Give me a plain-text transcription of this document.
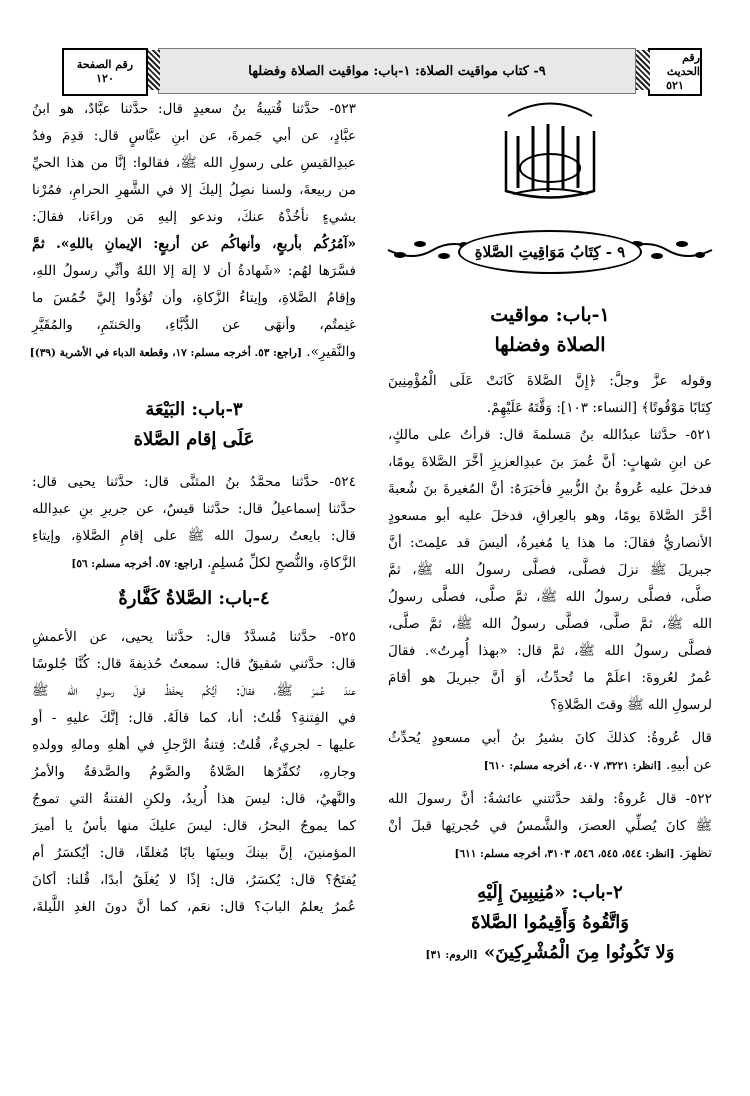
رقم الحديث
٥٢١
٩- كتاب مواقيت الصلاة: ١-باب: مواقيت الصلاة وفضلها
رقم الصفحة
١٢٠
٩ - كِتَابُ مَوَاقِيتِ الصَّلاةِ
١-باب: مواقيت
الصلاة وفضلها

وقوله عزَّ وجلَّ: ﴿إِنَّ الصَّلاةَ كَانَتْ عَلَى الْمُؤْمِنِينَ
كِتَابًا مَوْقُوتًا﴾ [النساء: ١٠٣]: وَقَّتَهُ عَلَيْهِمْ.

٥٢١- حدَّثنا عبدُالله بنُ مَسلمةَ قال: قرأتُ على مالكٍ،
عن ابنِ شهابٍ: أنَّ عُمرَ بنَ عبدِالعزيزِ أخَّرَ الصَّلاةَ يومًا،
فدخلَ عليه عُروةُ بنُ الزُّبيرِ فأخبَرَهُ: أنَّ المُغيرةَ بنَ شُعبةَ
أخَّرَ الصَّلاةَ يومًا، وهو بالعِراقِ، فدخلَ عليه أبو مسعودٍ
الأنصاريُّ فقالَ: ما هذا يا مُغيرةُ، أليسَ قد علِمتَ: أنَّ
جبريلَ ﷺ نزلَ فصلَّى، فصلَّى رسولُ الله ﷺ، ثمَّ
صلَّى، فصلَّى رسولُ الله ﷺ، ثمَّ صلَّى، فصلَّى رسولُ
الله ﷺ، ثمَّ صلَّى، فصلَّى رسولُ الله ﷺ، ثمَّ صلَّى،
فصلَّى رسولُ الله ﷺ، ثمَّ قال: «بهذا أُمِرتُ». فقالَ
عُمرُ لعُروةَ: اعلَمْ ما تُحدِّثُ، أوَ أنَّ جبريلَ هو أقامَ
لرسولِ الله ﷺ وقتَ الصَّلاةِ؟

قال عُروةُ: كذلكَ كانَ بشيرُ بنُ أبي مسعودٍ يُحدِّثُ
عن أبيهِ. [انظر: ٣٢٢١، ٤٠٠٧، أخرجه مسلم: ٦١٠]

٥٢٢- قال عُروةُ: ولقد حدَّثتني عائشةُ: أنَّ رسولَ الله
ﷺ كانَ يُصلِّي العصرَ، والشَّمسُ في حُجرتِها قبلَ أنْ
تظهرَ. [انظر: ٥٤٤، ٥٤٥، ٥٤٦، ٣١٠٣، أخرجه مسلم: ٦١١]

٢-باب: «مُنِيبِينَ إِلَيْهِ
وَاتَّقُوهُ وَأَقِيمُوا الصَّلاةَ
وَلا تَكُونُوا مِنَ الْمُشْرِكِينَ» [الروم: ٣١]

٥٢٣- حدَّثنا قُتيبةُ بنُ سعيدٍ قال: حدَّثنا عبَّادٌ، هو ابنُ
عبَّادٍ، عن أبي جَمرةَ، عن ابنِ عبَّاسٍ قال: قدِمَ وفدُ
عبدِالقيسِ على رسولِ الله ﷺ، فقالوا: إنَّا من هذا الحيِّ
من ربيعةَ، ولسنا نصِلُ إليكَ إلا في الشَّهرِ الحرامِ، فمُرْنا
بشيءٍ نأخُذْهُ عنكَ، وندعو إليهِ مَن وراءَنا، فقالَ:
«آمُرُكُم بأربعٍ، وأنهاكُم عن أربعٍ: الإيمانِ باللهِ». ثمَّ
فسَّرَها لهُم: «شَهادةُ أن لا إلهَ إلا اللهُ وأنِّي رسولُ اللهِ،
وإقامُ الصَّلاةِ، وإيتاءُ الزَّكاةِ، وأن تُؤدُّوا إليَّ خُمُسَ ما
غنِمتُم، وأنهَى عن الدُّبَّاءِ، والحَنتَمِ، والمُقَيَّرِ
والنَّقيرِ». [راجع: ٥٣. أخرجه مسلم: ١٧، وقطعة الدباء في الأشربة (٣٩)]

٣-باب: البَيْعَة
عَلَى إقام الصَّلاة

٥٢٤- حدَّثنا محمَّدُ بنُ المثنَّى قال: حدَّثنا يحيى قال:
حدَّثنا إسماعيلُ قال: حدَّثنا قيسٌ، عن جريرِ بنِ عبدِالله
قال: بايعتُ رسولَ الله ﷺ على إقامِ الصَّلاةِ، وإيتاءِ
الزَّكاةِ، والنُّصحِ لكلِّ مُسلِمٍ. [راجع: ٥٧. أخرجه مسلم: ٥٦]

٤-باب: الصَّلاةُ كَفَّارةٌ

٥٢٥- حدَّثنا مُسدَّدٌ قال: حدَّثنا يحيى، عن الأعمشِ
قال: حدَّثني شقيقٌ قال: سمعتُ حُذيفةَ قال: كُنَّا جُلوسًا
عندَ عُمرَ ﷺ، فقالَ: أيُّكُم يحفَظُ قولَ رسولِ الله ﷺ
في الفِتنةِ؟ قُلتُ: أنا، كما قالَهُ. قال: إنَّكَ عليهِ - أو
عليها - لجريءٌ، قُلتُ: فِتنةُ الرَّجلِ في أهلهِ ومالهِ وولدهِ
وجارهِ، تُكفِّرُها الصَّلاةُ والصَّومُ والصَّدقةُ والأمرُ
والنَّهيُ، قال: ليسَ هذا أُريدُ، ولكنِ الفتنةُ التي تموجُ
كما يموجُ البحرُ، قال: ليسَ عليكَ منها بأسٌ يا أميرَ
المؤمنينَ، إنَّ بينكَ وبينَها بابًا مُغلقًا، قال: أيُكسَرُ أم
يُفتَحُ؟ قال: يُكسَرُ، قال: إذًا لا يُغلَقُ أبدًا، قُلنا: أكانَ
عُمرُ يعلمُ البابَ؟ قال: نعَم، كما أنَّ دونَ الغدِ اللَّيلةَ،
